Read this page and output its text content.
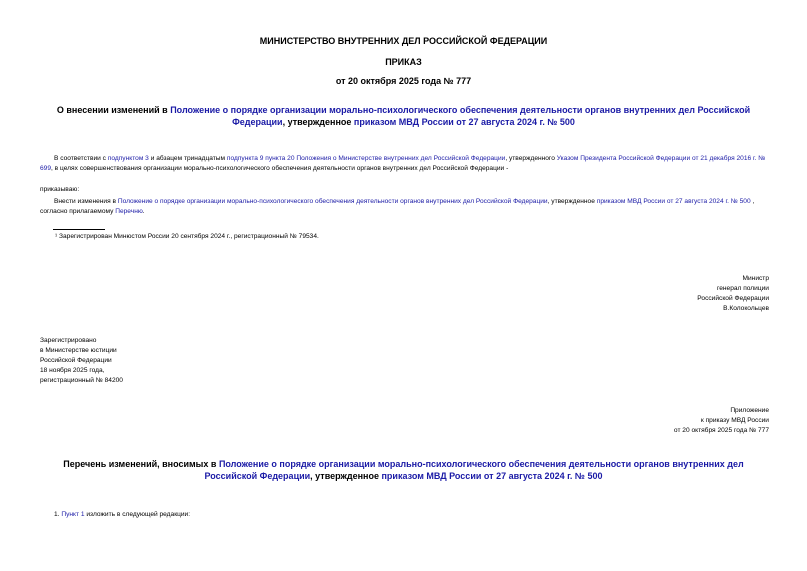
МИНИСТЕРСТВО ВНУТРЕННИХ ДЕЛ РОССИЙСКОЙ ФЕДЕРАЦИИ
ПРИКАЗ
от 20 октября 2025 года № 777
О внесении изменений в Положение о порядке организации морально-психологического обеспечения деятельности органов внутренних дел Российской Федерации, утвержденное приказом МВД России от 27 августа 2024 г. № 500
В соответствии с подпунктом 3 и абзацем тринадцатым подпункта 9 пункта 20 Положения о Министерстве внутренних дел Российской Федерации, утвержденного Указом Президента Российской Федерации от 21 декабря 2016 г. № 699, в целях совершенствования организации морально-психологического обеспечения деятельности органов внутренних дел Российской Федерации -
приказываю:
Внести изменения в Положение о порядке организации морально-психологического обеспечения деятельности органов внутренних дел Российской Федерации, утвержденное приказом МВД России от 27 августа 2024 г. № 500 , согласно прилагаемому Перечню.
¹ Зарегистрирован Минюстом России 20 сентября 2024 г., регистрационный № 79534.
Министр
генерал полиции
Российской Федерации
В.Колокольцев
Зарегистрировано
в Министерстве юстиции
Российской Федерации
18 ноября 2025 года,
регистрационный № 84200
Приложение
к приказу МВД России
от 20 октября 2025 года № 777
Перечень изменений, вносимых в Положение о порядке организации морально-психологического обеспечения деятельности органов внутренних дел Российской Федерации, утвержденное приказом МВД России от 27 августа 2024 г. № 500
1. Пункт 1 изложить в следующей редакции:
